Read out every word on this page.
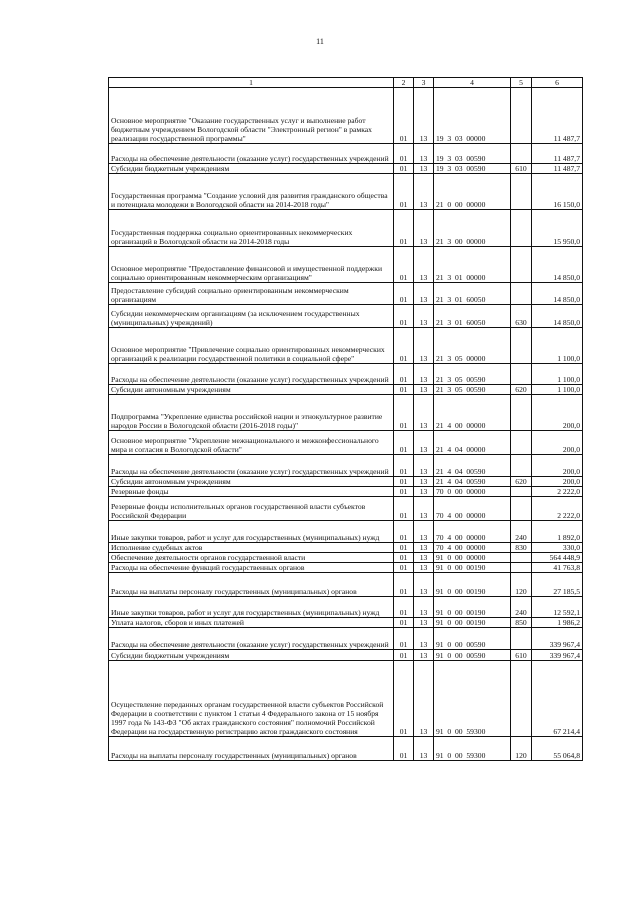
11
1	2	3	4	5	6
Основное мероприятие "Оказание государственных услуг и выполнение работ бюджетным учреждением Вологодской области "Электронный регион" в рамках реализации государственной программы"	01	13	19  3  03  00000		11 487,7
Расходы на обеспечение деятельности (оказание услуг) государственных учреждений	01	13	19  3  03  00590		11 487,7
Субсидии бюджетным учреждениям	01	13	19  3  03  00590	610	11 487,7
Государственная программа "Создание условий для развития гражданского общества и потенциала молодежи в Вологодской области на 2014-2018 годы"	01	13	21  0  00  00000		16 150,0
Государственная поддержка социально ориентированных некоммерческих организаций в Вологодской области на 2014-2018 годы	01	13	21  3  00  00000		15 950,0
Основное мероприятие "Предоставление финансовой и имущественной поддержки социально ориентированным некоммерческим организациям"	01	13	21  3  01  00000		14 850,0
Предоставление субсидий социально ориентированным некоммерческим организациям	01	13	21  3  01  60050		14 850,0
Субсидии некоммерческим организациям (за исключением государственных (муниципальных) учреждений)	01	13	21  3  01  60050	630	14 850,0
Основное мероприятие "Привлечение социально ориентированных некоммерческих организаций к реализации государственной политики в социальной сфере"	01	13	21  3  05  00000		1 100,0
Расходы на обеспечение деятельности (оказание услуг) государственных учреждений	01	13	21  3  05  00590		1 100,0
Субсидии автономным учреждениям	01	13	21  3  05  00590	620	1 100,0
Подпрограмма "Укрепление единства российской нации и этнокультурное развитие народов России в Вологодской области (2016-2018 годы)"	01	13	21  4  00  00000		200,0
Основное мероприятие "Укрепление межнационального и межконфессионального мира и согласия в Вологодской области"	01	13	21  4  04  00000		200,0
Расходы на обеспечение деятельности (оказание услуг) государственных учреждений	01	13	21  4  04  00590		200,0
Субсидии автономным учреждениям	01	13	21  4  04  00590	620	200,0
Резервные фонды	01	13	70  0  00  00000		2 222,0
Резервные фонды исполнительных органов государственной власти субъектов Российской Федерации	01	13	70  4  00  00000		2 222,0
Иные закупки товаров, работ и услуг для государственных (муниципальных) нужд	01	13	70  4  00  00000	240	1 892,0
Исполнение судебных актов	01	13	70  4  00  00000	830	330,0
Обеспечение деятельности органов государственной власти	01	13	91  0  00  00000		564 448,9
Расходы на обеспечение функций государственных органов	01	13	91  0  00  00190		41 763,8
Расходы на выплаты персоналу государственных (муниципальных) органов	01	13	91  0  00  00190	120	27 185,5
Иные закупки товаров, работ и услуг для государственных (муниципальных) нужд	01	13	91  0  00  00190	240	12 592,1
Уплата налогов, сборов и иных платежей	01	13	91  0  00  00190	850	1 986,2
Расходы на обеспечение деятельности (оказание услуг) государственных учреждений	01	13	91  0  00  00590		339 967,4
Субсидии бюджетным учреждениям	01	13	91  0  00  00590	610	339 967,4
Осуществление переданных органам государственной власти субъектов Российской Федерации в соответствии с пунктом 1 статьи 4 Федерального закона от 15 ноября 1997 года № 143-ФЗ "Об актах гражданского состояния" полномочий Российской Федерации на государственную регистрацию актов гражданского состояния	01	13	91  0  00  59300		67 214,4
Расходы на выплаты персоналу государственных (муниципальных) органов	01	13	91  0  00  59300	120	55 064,8
